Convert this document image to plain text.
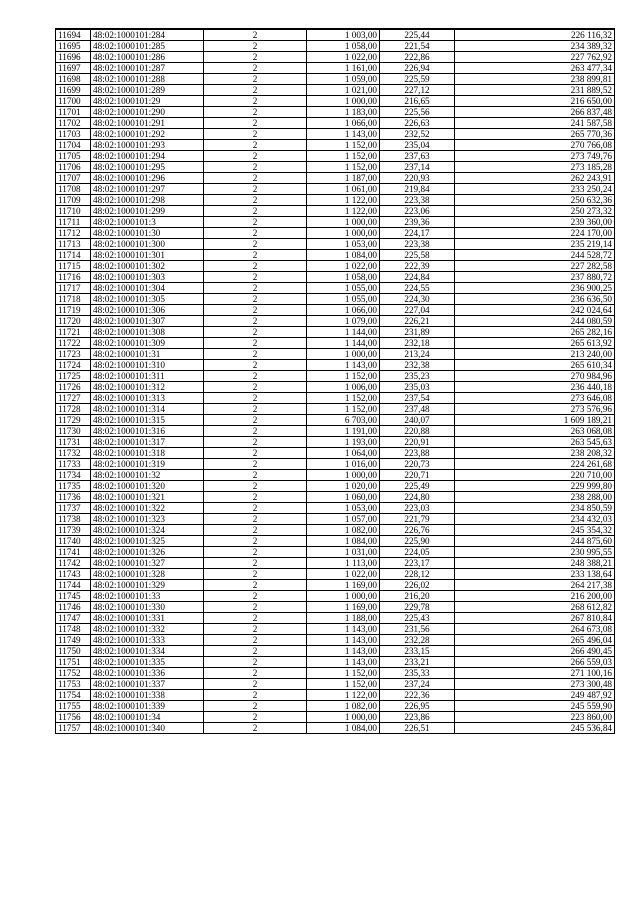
11694	48:02:1000101:284	2	1 003,00	225,44	226 116,32
11695	48:02:1000101:285	2	1 058,00	221,54	234 389,32
11696	48:02:1000101:286	2	1 022,00	222,86	227 762,92
11697	48:02:1000101:287	2	1 161,00	226,94	263 477,34
11698	48:02:1000101:288	2	1 059,00	225,59	238 899,81
11699	48:02:1000101:289	2	1 021,00	227,12	231 889,52
11700	48:02:1000101:29	2	1 000,00	216,65	216 650,00
11701	48:02:1000101:290	2	1 183,00	225,56	266 837,48
11702	48:02:1000101:291	2	1 066,00	226,63	241 587,58
11703	48:02:1000101:292	2	1 143,00	232,52	265 770,36
11704	48:02:1000101:293	2	1 152,00	235,04	270 766,08
11705	48:02:1000101:294	2	1 152,00	237,63	273 749,76
11706	48:02:1000101:295	2	1 152,00	237,14	273 185,28
11707	48:02:1000101:296	2	1 187,00	220,93	262 243,91
11708	48:02:1000101:297	2	1 061,00	219,84	233 250,24
11709	48:02:1000101:298	2	1 122,00	223,38	250 632,36
11710	48:02:1000101:299	2	1 122,00	223,06	250 273,32
11711	48:02:1000101:3	2	1 000,00	239,36	239 360,00
11712	48:02:1000101:30	2	1 000,00	224,17	224 170,00
11713	48:02:1000101:300	2	1 053,00	223,38	235 219,14
11714	48:02:1000101:301	2	1 084,00	225,58	244 528,72
11715	48:02:1000101:302	2	1 022,00	222,39	227 282,58
11716	48:02:1000101:303	2	1 058,00	224,84	237 880,72
11717	48:02:1000101:304	2	1 055,00	224,55	236 900,25
11718	48:02:1000101:305	2	1 055,00	224,30	236 636,50
11719	48:02:1000101:306	2	1 066,00	227,04	242 024,64
11720	48:02:1000101:307	2	1 079,00	226,21	244 080,59
11721	48:02:1000101:308	2	1 144,00	231,89	265 282,16
11722	48:02:1000101:309	2	1 144,00	232,18	265 613,92
11723	48:02:1000101:31	2	1 000,00	213,24	213 240,00
11724	48:02:1000101:310	2	1 143,00	232,38	265 610,34
11725	48:02:1000101:311	2	1 152,00	235,23	270 984,96
11726	48:02:1000101:312	2	1 006,00	235,03	236 440,18
11727	48:02:1000101:313	2	1 152,00	237,54	273 646,08
11728	48:02:1000101:314	2	1 152,00	237,48	273 576,96
11729	48:02:1000101:315	2	6 703,00	240,07	1 609 189,21
11730	48:02:1000101:316	2	1 191,00	220,88	263 068,08
11731	48:02:1000101:317	2	1 193,00	220,91	263 545,63
11732	48:02:1000101:318	2	1 064,00	223,88	238 208,32
11733	48:02:1000101:319	2	1 016,00	220,73	224 261,68
11734	48:02:1000101:32	2	1 000,00	220,71	220 710,00
11735	48:02:1000101:320	2	1 020,00	225,49	229 999,80
11736	48:02:1000101:321	2	1 060,00	224,80	238 288,00
11737	48:02:1000101:322	2	1 053,00	223,03	234 850,59
11738	48:02:1000101:323	2	1 057,00	221,79	234 432,03
11739	48:02:1000101:324	2	1 082,00	226,76	245 354,32
11740	48:02:1000101:325	2	1 084,00	225,90	244 875,60
11741	48:02:1000101:326	2	1 031,00	224,05	230 995,55
11742	48:02:1000101:327	2	1 113,00	223,17	248 388,21
11743	48:02:1000101:328	2	1 022,00	228,12	233 138,64
11744	48:02:1000101:329	2	1 169,00	226,02	264 217,38
11745	48:02:1000101:33	2	1 000,00	216,20	216 200,00
11746	48:02:1000101:330	2	1 169,00	229,78	268 612,82
11747	48:02:1000101:331	2	1 188,00	225,43	267 810,84
11748	48:02:1000101:332	2	1 143,00	231,56	264 673,08
11749	48:02:1000101:333	2	1 143,00	232,28	265 496,04
11750	48:02:1000101:334	2	1 143,00	233,15	266 490,45
11751	48:02:1000101:335	2	1 143,00	233,21	266 559,03
11752	48:02:1000101:336	2	1 152,00	235,33	271 100,16
11753	48:02:1000101:337	2	1 152,00	237,24	273 300,48
11754	48:02:1000101:338	2	1 122,00	222,36	249 487,92
11755	48:02:1000101:339	2	1 082,00	226,95	245 559,90
11756	48:02:1000101:34	2	1 000,00	223,86	223 860,00
11757	48:02:1000101:340	2	1 084,00	226,51	245 536,84
